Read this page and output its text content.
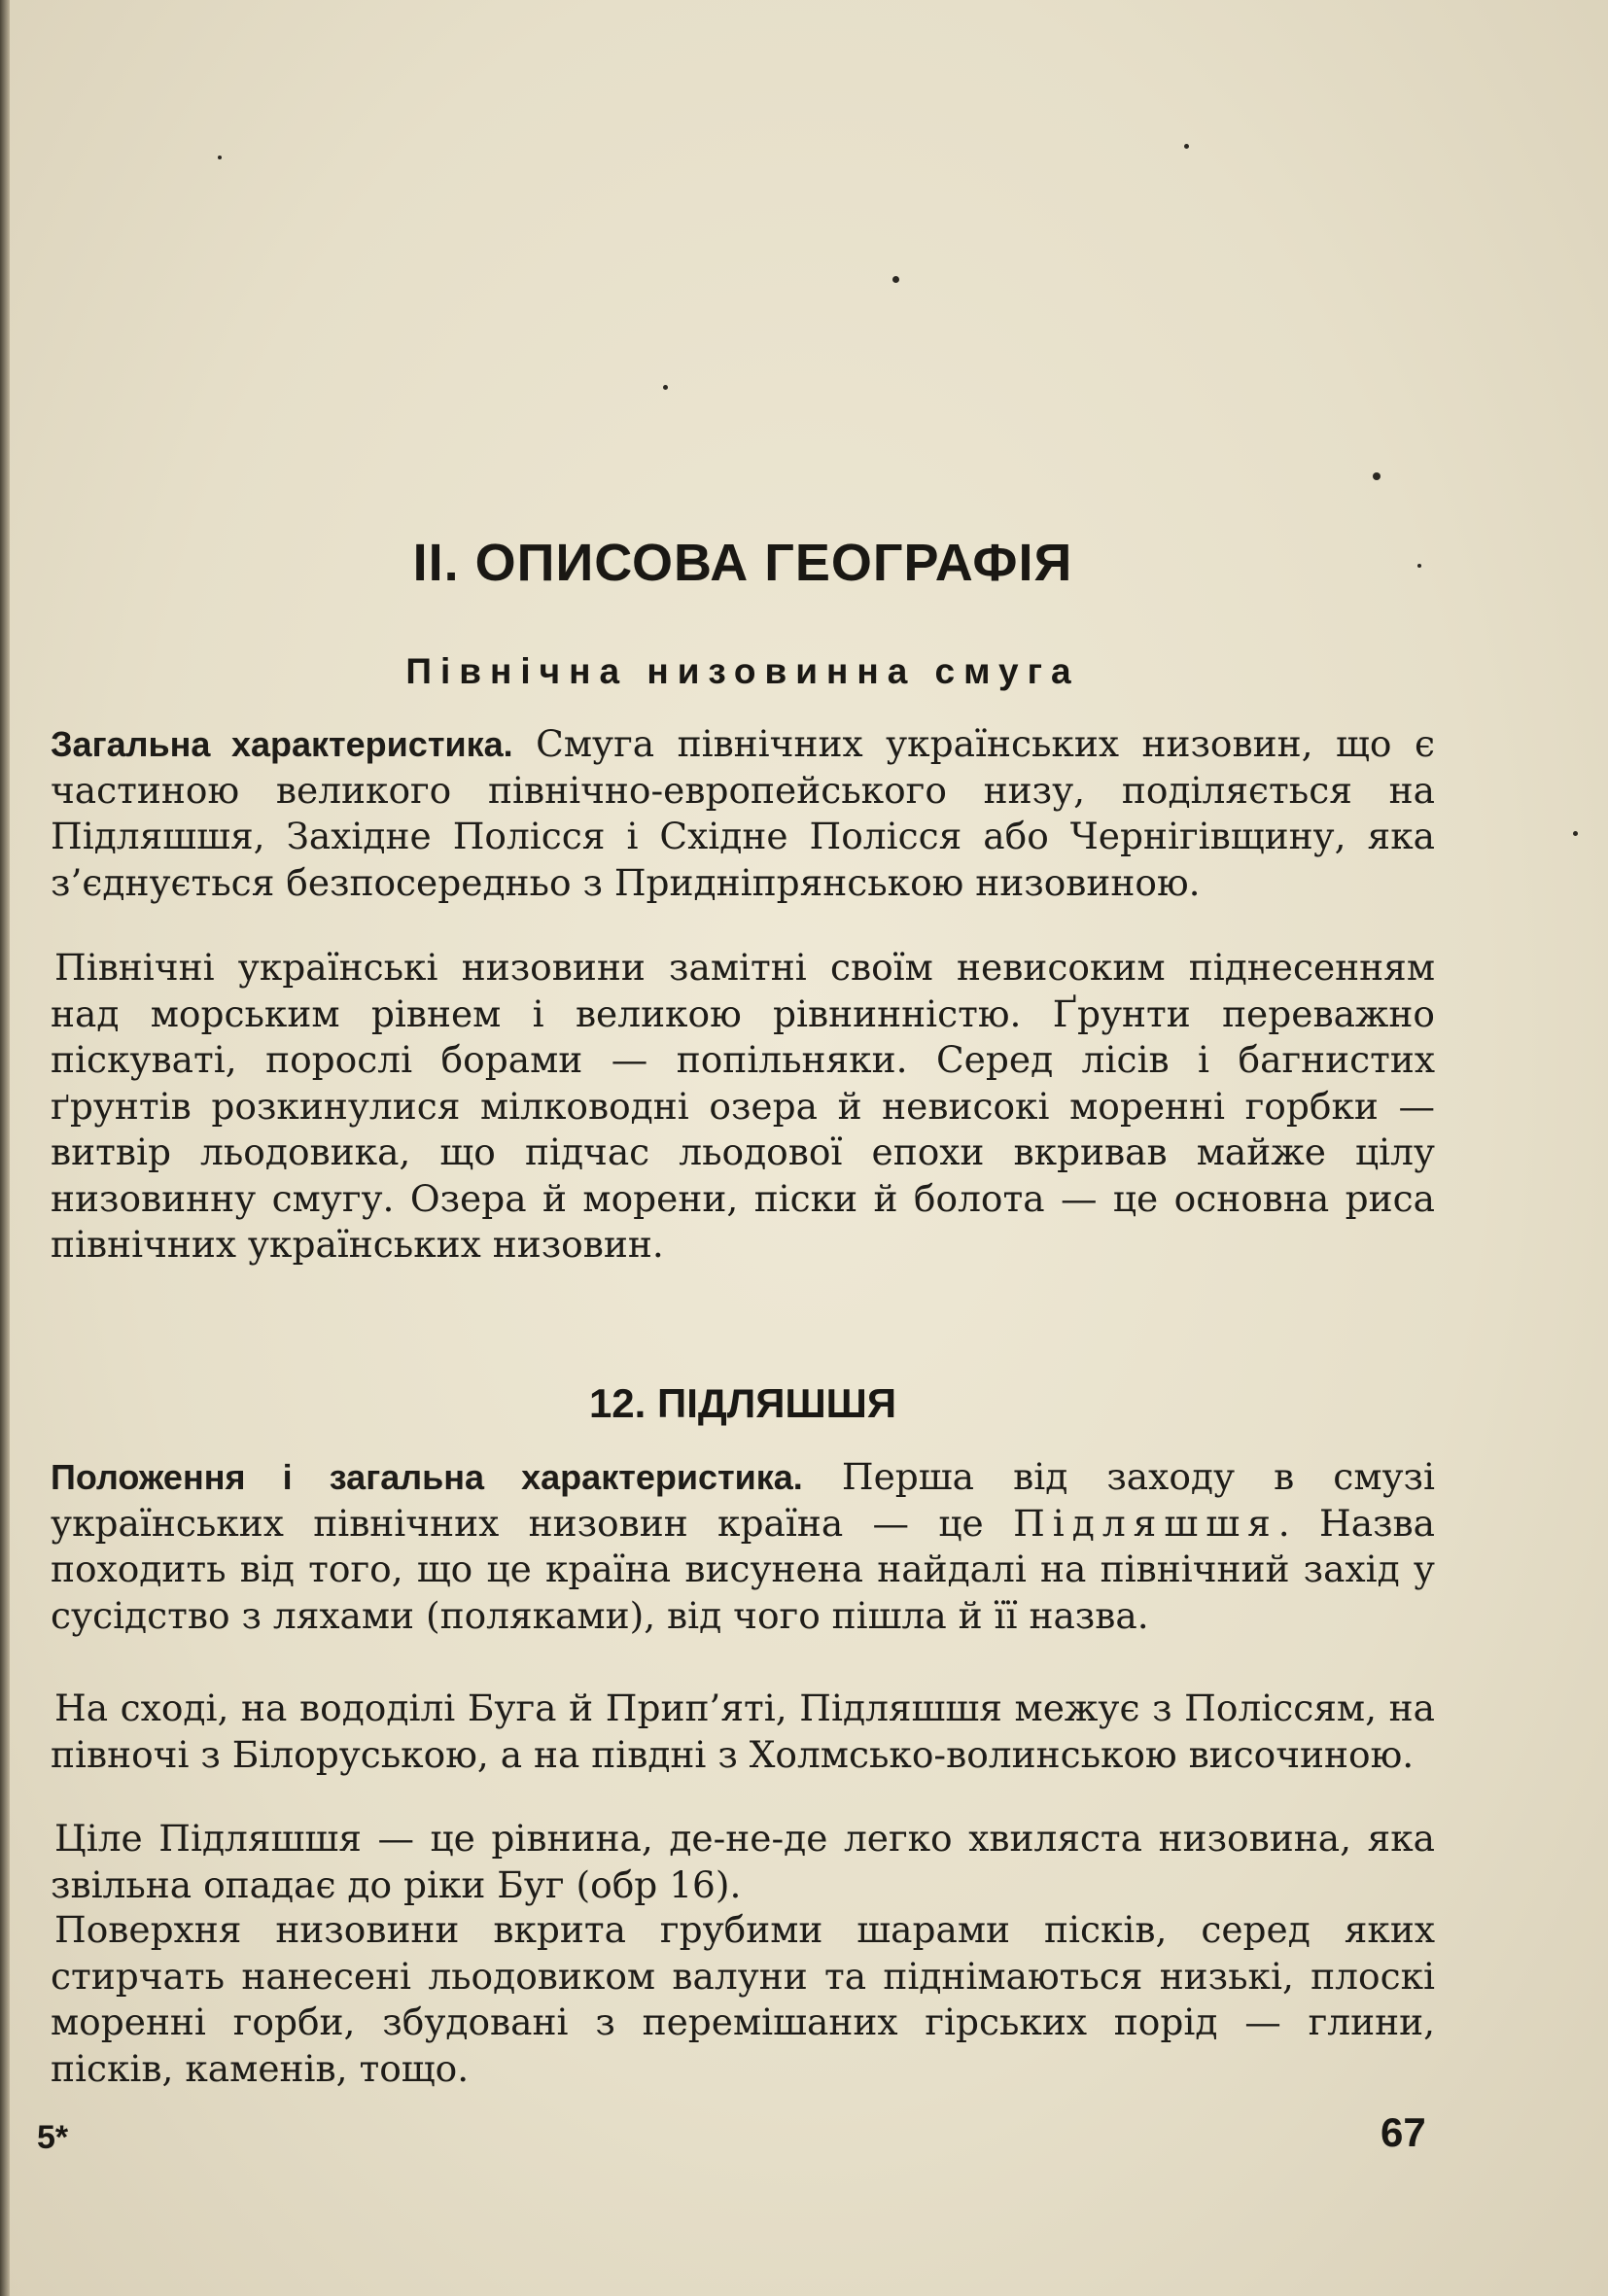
II. ОПИСОВА ГЕОГРАФІЯ
Північна низовинна смуга

Загальна характеристика. Смуга північних українських низовин, що є частиною великого північно-европейського низу, поділяється на Підляшшя, Західне Полісся і Східне Полісся або Чернігівщину, яка з’єднується безпосередньо з Придніпрянською низовиною.

Північні українські низовини замітні своїм невисоким піднесенням над морським рівнем і великою рівнинністю. Ґрунти переважно піскуваті, порослі борами — попільняки. Серед лісів і багнистих ґрунтів розкинулися мілководні озера й невисокі моренні горбки — витвір льодовика, що підчас льодової епохи вкривав майже цілу низовинну смугу. Озера й морени, піски й болота — це основна риса північних українських низовин.

12. ПІДЛЯШШЯ

Положення і загальна характеристика. Перша від заходу в смузі українських північних низовин країна — це Підляшшя. Назва походить від того, що це країна висунена найдалі на північний захід у сусідство з ляхами (поляками), від чого пішла й її назва.

На сході, на вододілі Буга й Прип’яті, Підляшшя межує з Поліссям, на півночі з Білоруською, а на півдні з Холмсько-волинською височиною.

Ціле Підляшшя — це рівнина, де-не-де легко хвиляста низовина, яка звільна опадає до ріки Буг (обр 16).

Поверхня низовини вкрита грубими шарами пісків, серед яких стирчать нанесені льодовиком валуни та піднімаються низькі, плоскі моренні горби, збудовані з перемішаних гірських порід — глини, пісків, каменів, тощо.

5*	67
